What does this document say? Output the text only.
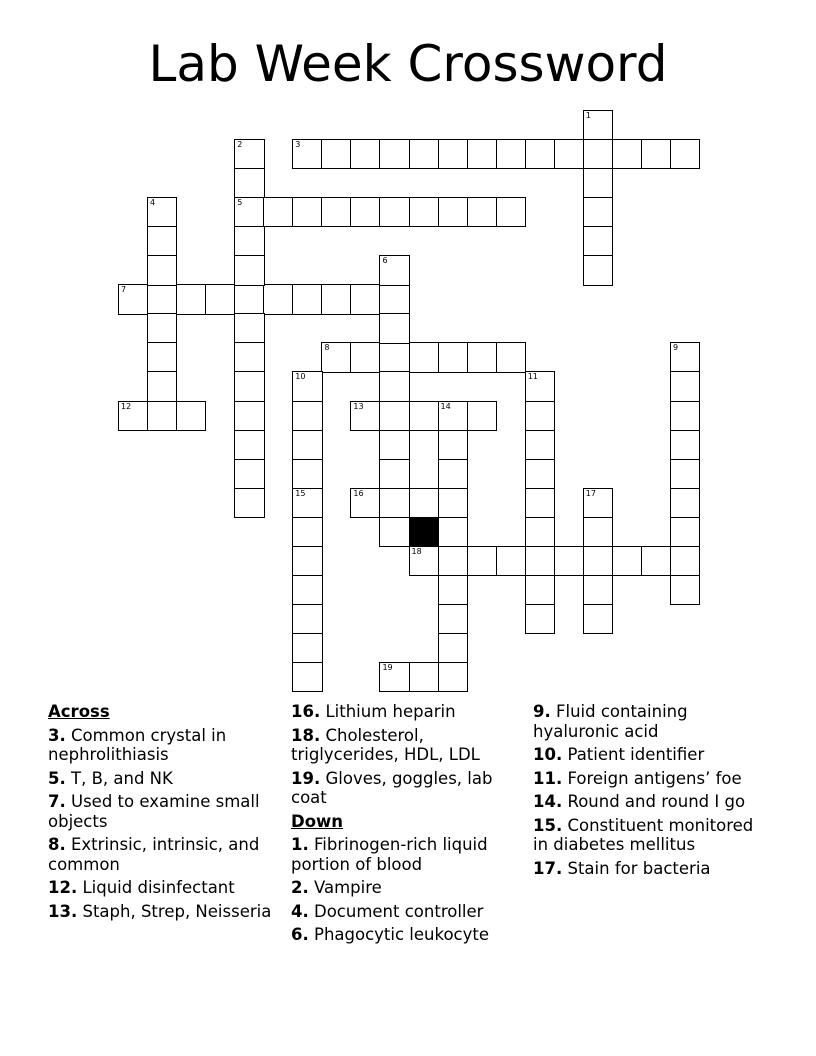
Lab Week Crossword
3
5
7
8
12	13	14
16
18
19
1
2
4
6
9
10	11
15	17
Across
3. Common crystal in nephrolithiasis
5. T, B, and NK
7. Used to examine small objects
8. Extrinsic, intrinsic, and common
12. Liquid disinfectant
13. Staph, Strep, Neisseria
16. Lithium heparin
18. Cholesterol, triglycerides, HDL, LDL
19. Gloves, goggles, lab coat
Down
1. Fibrinogen-rich liquid portion of blood
2. Vampire
4. Document controller
6. Phagocytic leukocyte
9. Fluid containing hyaluronic acid
10. Patient identifier
11. Foreign antigens’ foe
14. Round and round I go
15. Constituent monitored in diabetes mellitus
17. Stain for bacteria
